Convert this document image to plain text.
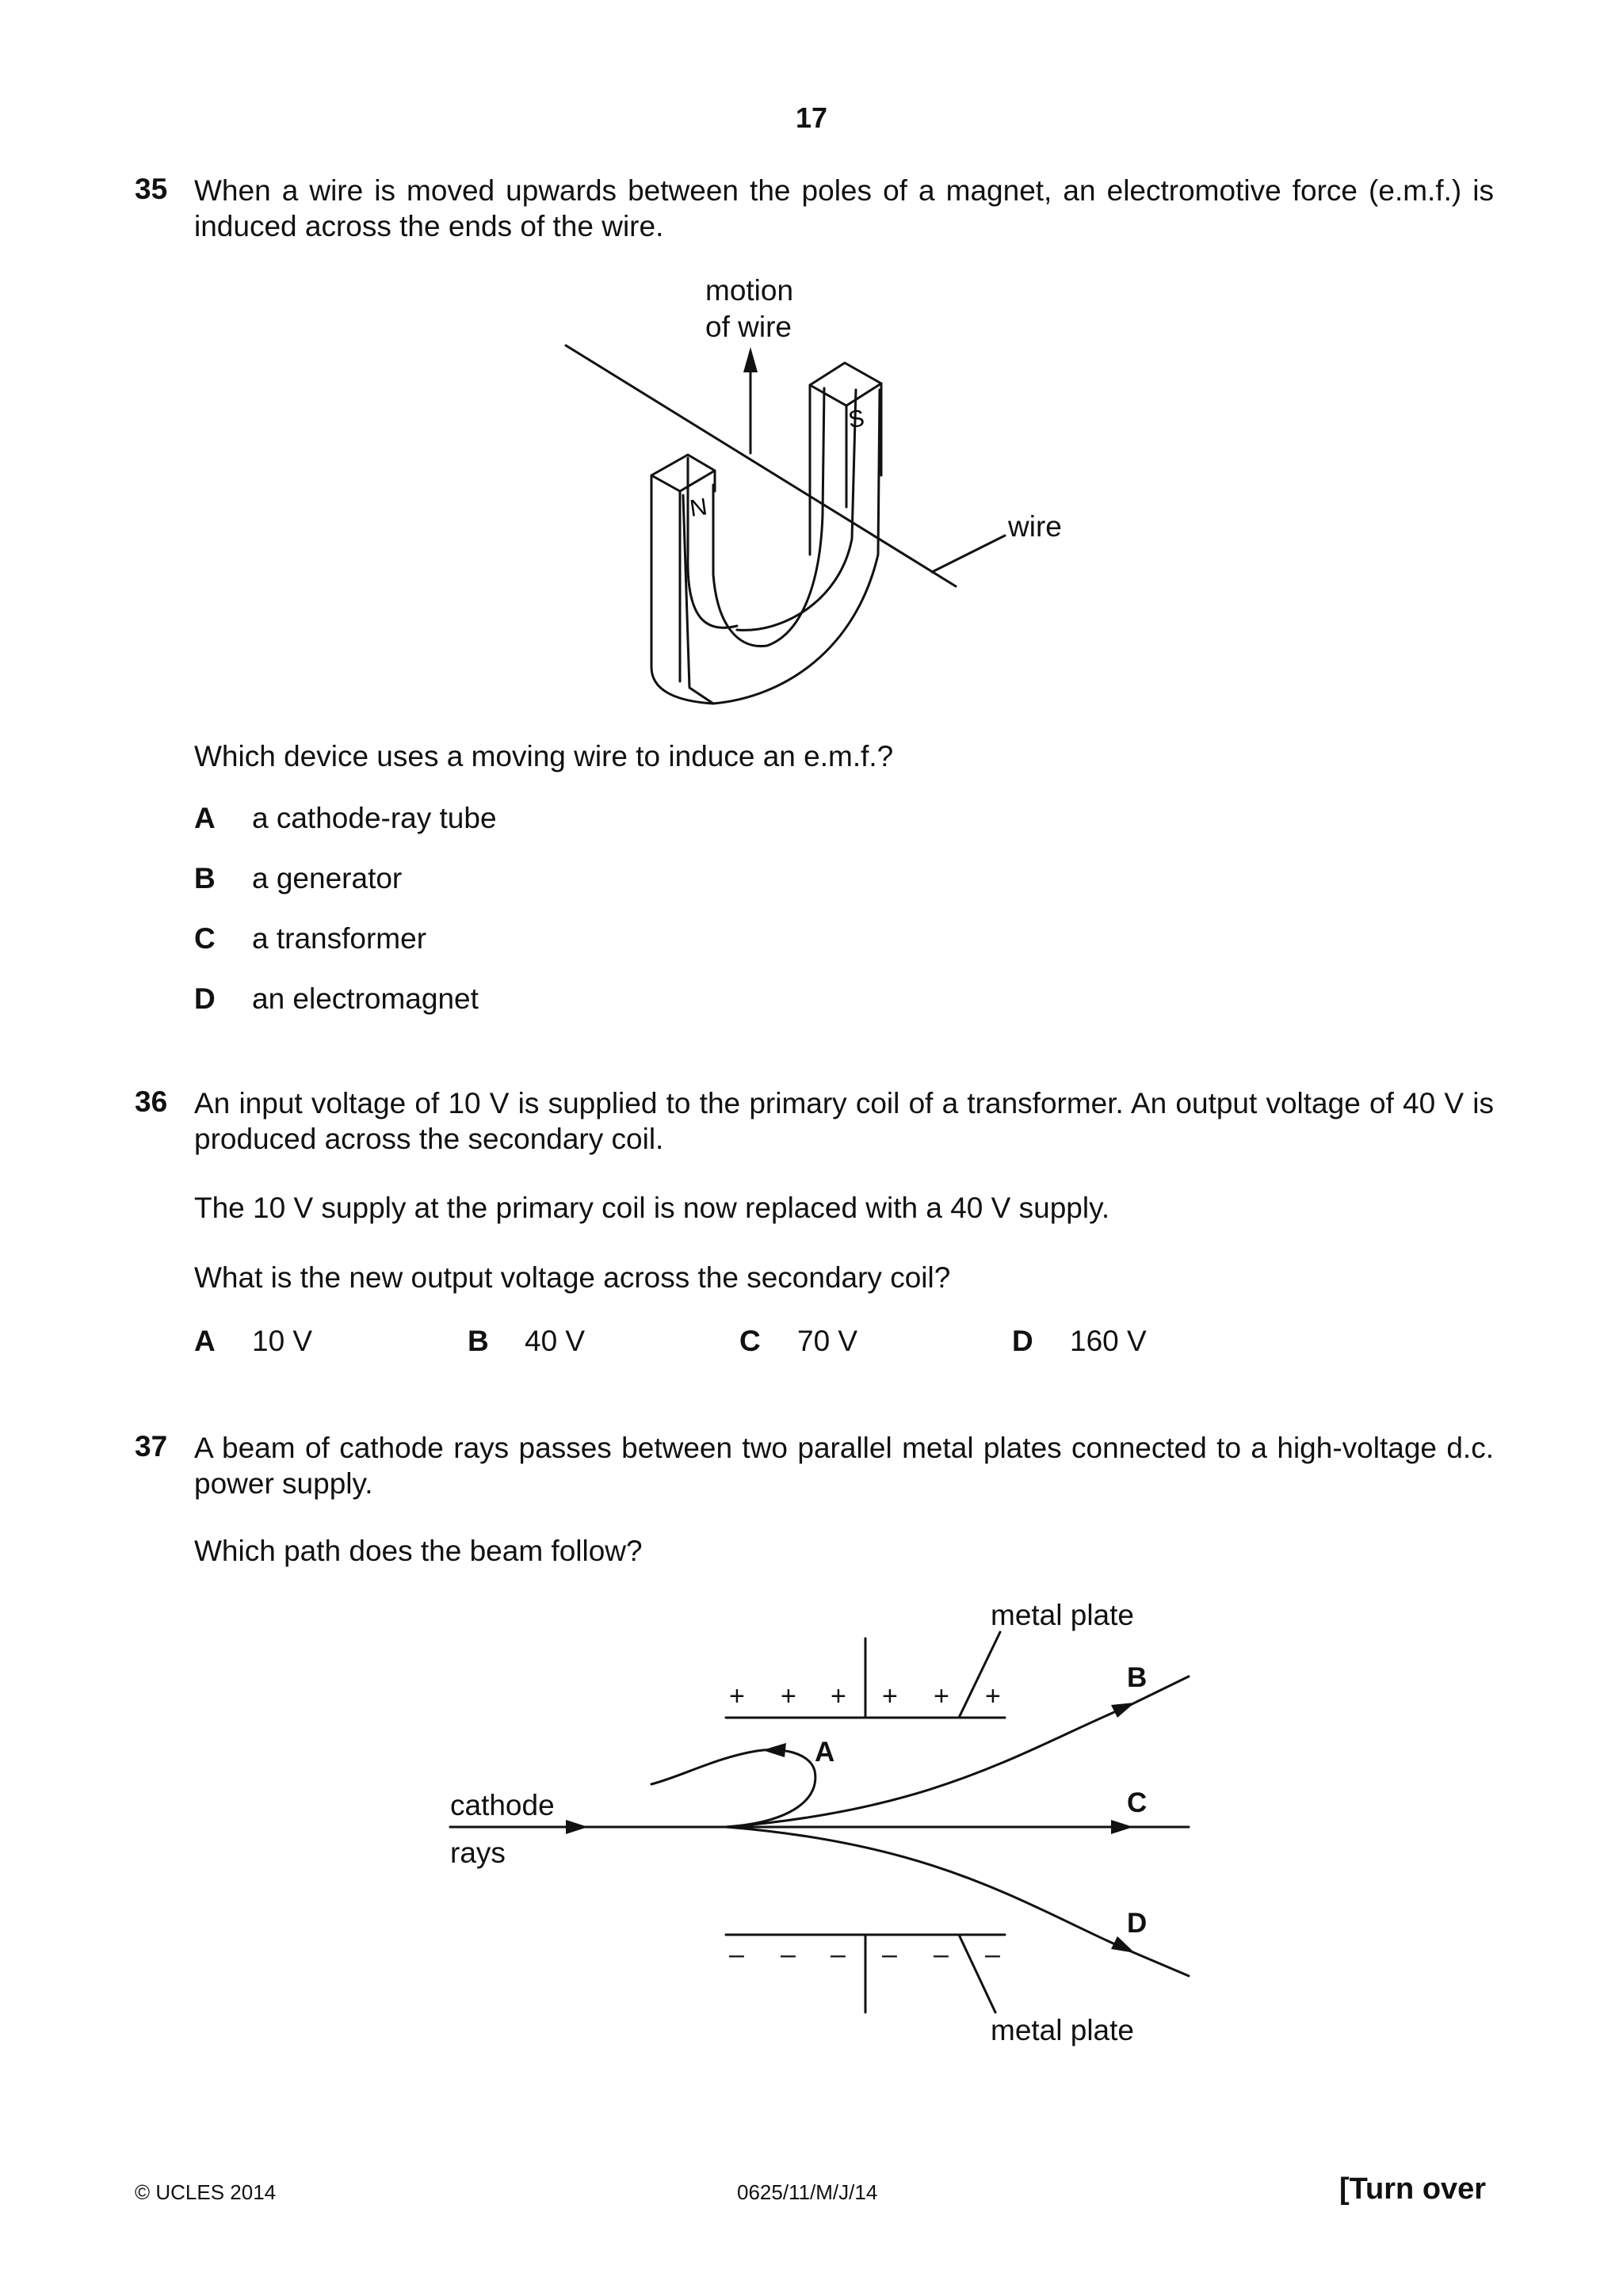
17
35 When a wire is moved upwards between the poles of a magnet, an electromotive force (e.m.f.) is induced across the ends of the wire.
motion
of wire
wire
N
S
Which device uses a moving wire to induce an e.m.f.?
A a cathode-ray tube
B a generator
C a transformer
D an electromagnet
36 An input voltage of 10 V is supplied to the primary coil of a transformer. An output voltage of 40 V is produced across the secondary coil.
The 10 V supply at the primary coil is now replaced with a 40 V supply.
What is the new output voltage across the secondary coil?
A 10 V	B 40 V	C 70 V	D 160 V
37 A beam of cathode rays passes between two parallel metal plates connected to a high-voltage d.c. power supply.
Which path does the beam follow?
metal plate
metal plate
cathode
rays
+ + + + + +
– – – – – –
A
B
C
D
© UCLES 2014	0625/11/M/J/14	[Turn over
